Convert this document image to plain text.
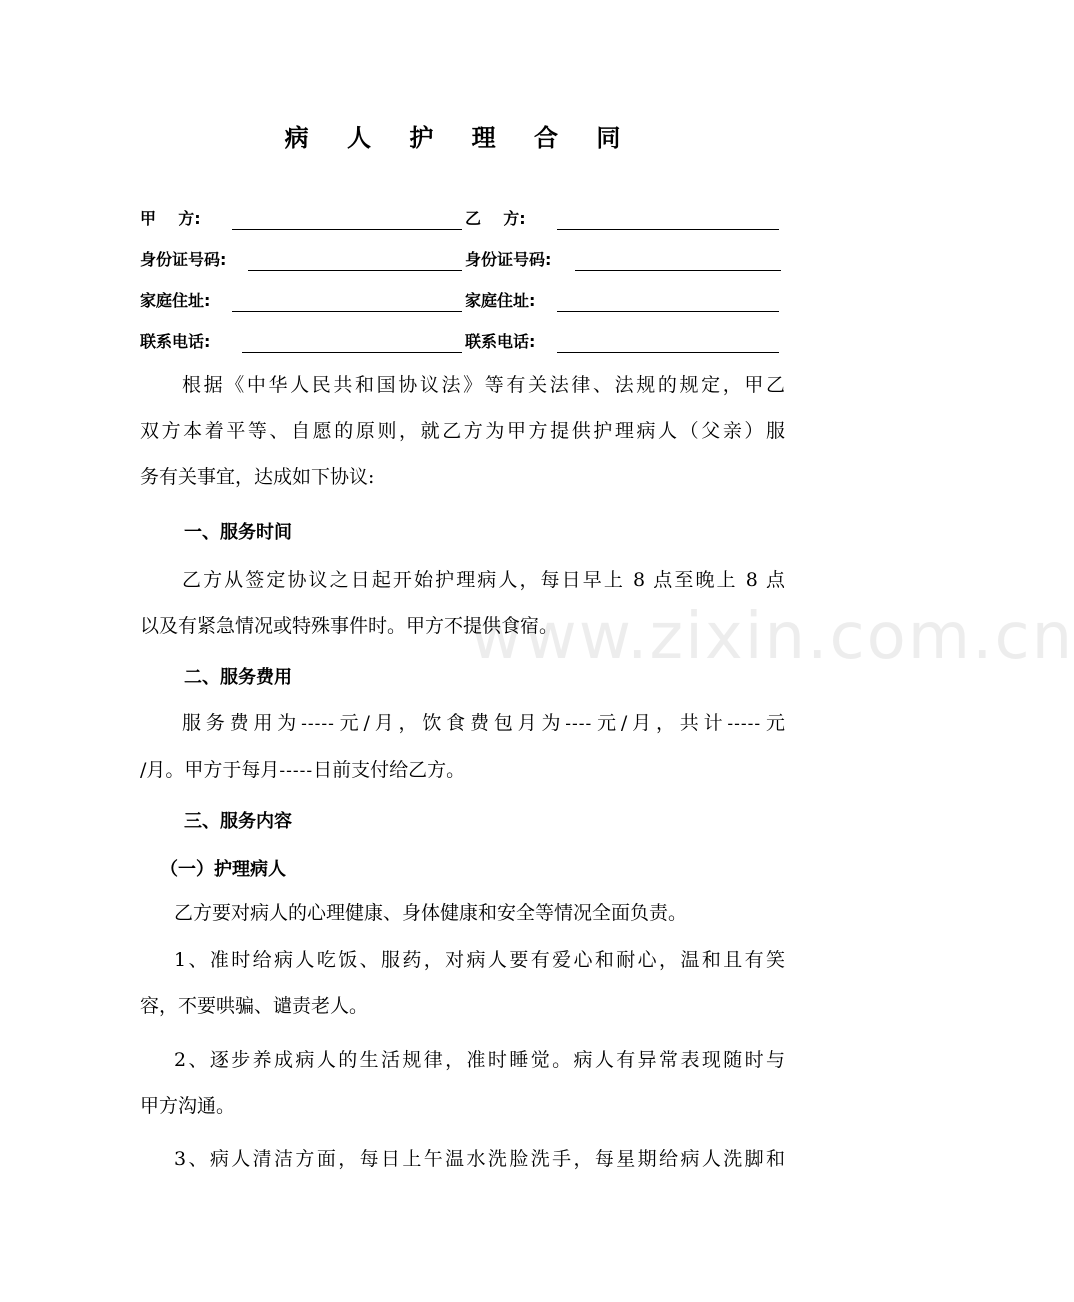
病 人 护 理 合 同
甲    方:	乙    方:
身份证号码:	身份证号码:
家庭住址:	家庭住址:
联系电话:	联系电话:

根据《中华人民共和国协议法》等有关法律、法规的规定，甲乙
双方本着平等、自愿的原则，就乙方为甲方提供护理病人（父亲）服
务有关事宜，达成如下协议:

一、服务时间

乙方从签定协议之日起开始护理病人，每日早上 8 点至晚上 8 点
以及有紧急情况或特殊事件时。甲方不提供食宿。

二、服务费用

服务费用为-----元/月，饮食费包月为----元/月，共计-----元
/月。甲方于每月-----日前支付给乙方。

三、服务内容
（一）护理病人

乙方要对病人的心理健康、身体健康和安全等情况全面负责。

1、准时给病人吃饭、服药，对病人要有爱心和耐心，温和且有笑
容，不要哄骗、谴责老人。

2、逐步养成病人的生活规律，准时睡觉。病人有异常表现随时与
甲方沟通。

3、病人清洁方面，每日上午温水洗脸洗手，每星期给病人洗脚和

www.zixin.com.cn
